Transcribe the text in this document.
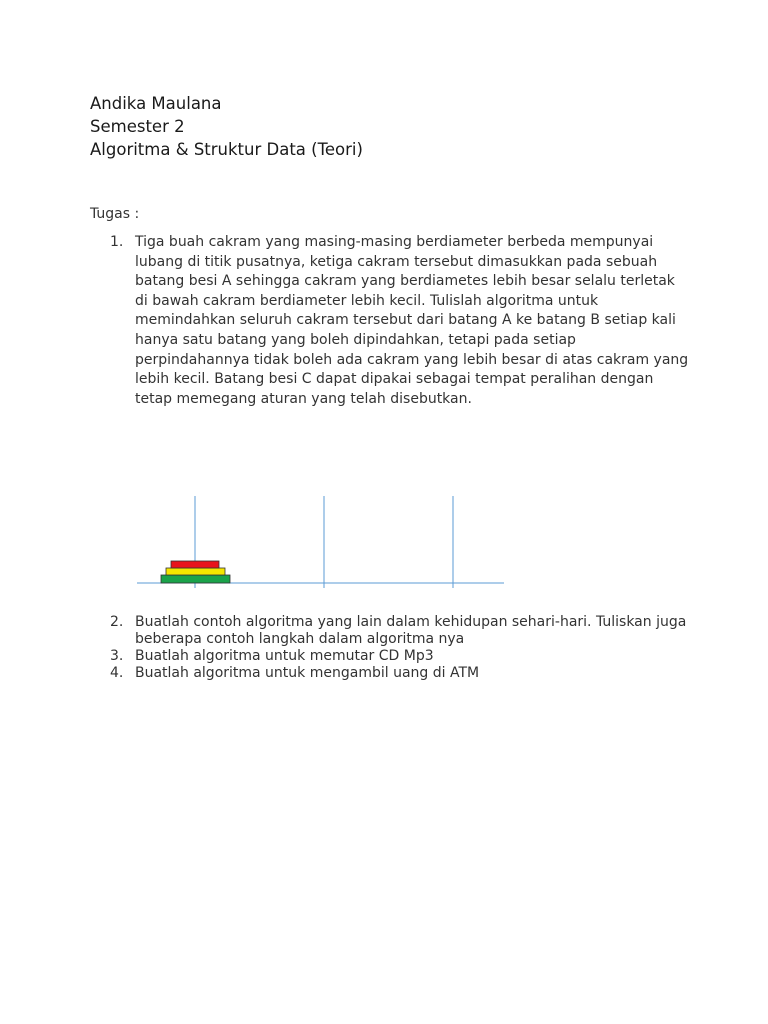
Andika Maulana
Semester 2
Algoritma & Struktur Data (Teori)
Tugas :
1. Tiga buah cakram yang masing-masing berdiameter berbeda mempunyai lubang di titik pusatnya, ketiga cakram tersebut dimasukkan pada sebuah batang besi A sehingga cakram yang berdiametes lebih besar selalu terletak di bawah cakram berdiameter lebih kecil. Tulislah algoritma untuk memindahkan seluruh cakram tersebut dari batang A ke batang B setiap kali hanya satu batang yang boleh dipindahkan, tetapi pada setiap perpindahannya tidak boleh ada cakram yang lebih besar di atas cakram yang lebih kecil. Batang besi C dapat dipakai sebagai tempat peralihan dengan tetap memegang aturan yang telah disebutkan.
2. Buatlah contoh algoritma yang lain dalam kehidupan sehari-hari. Tuliskan juga beberapa contoh langkah dalam algoritma nya
3. Buatlah algoritma untuk memutar CD Mp3
4. Buatlah algoritma untuk mengambil uang di ATM
